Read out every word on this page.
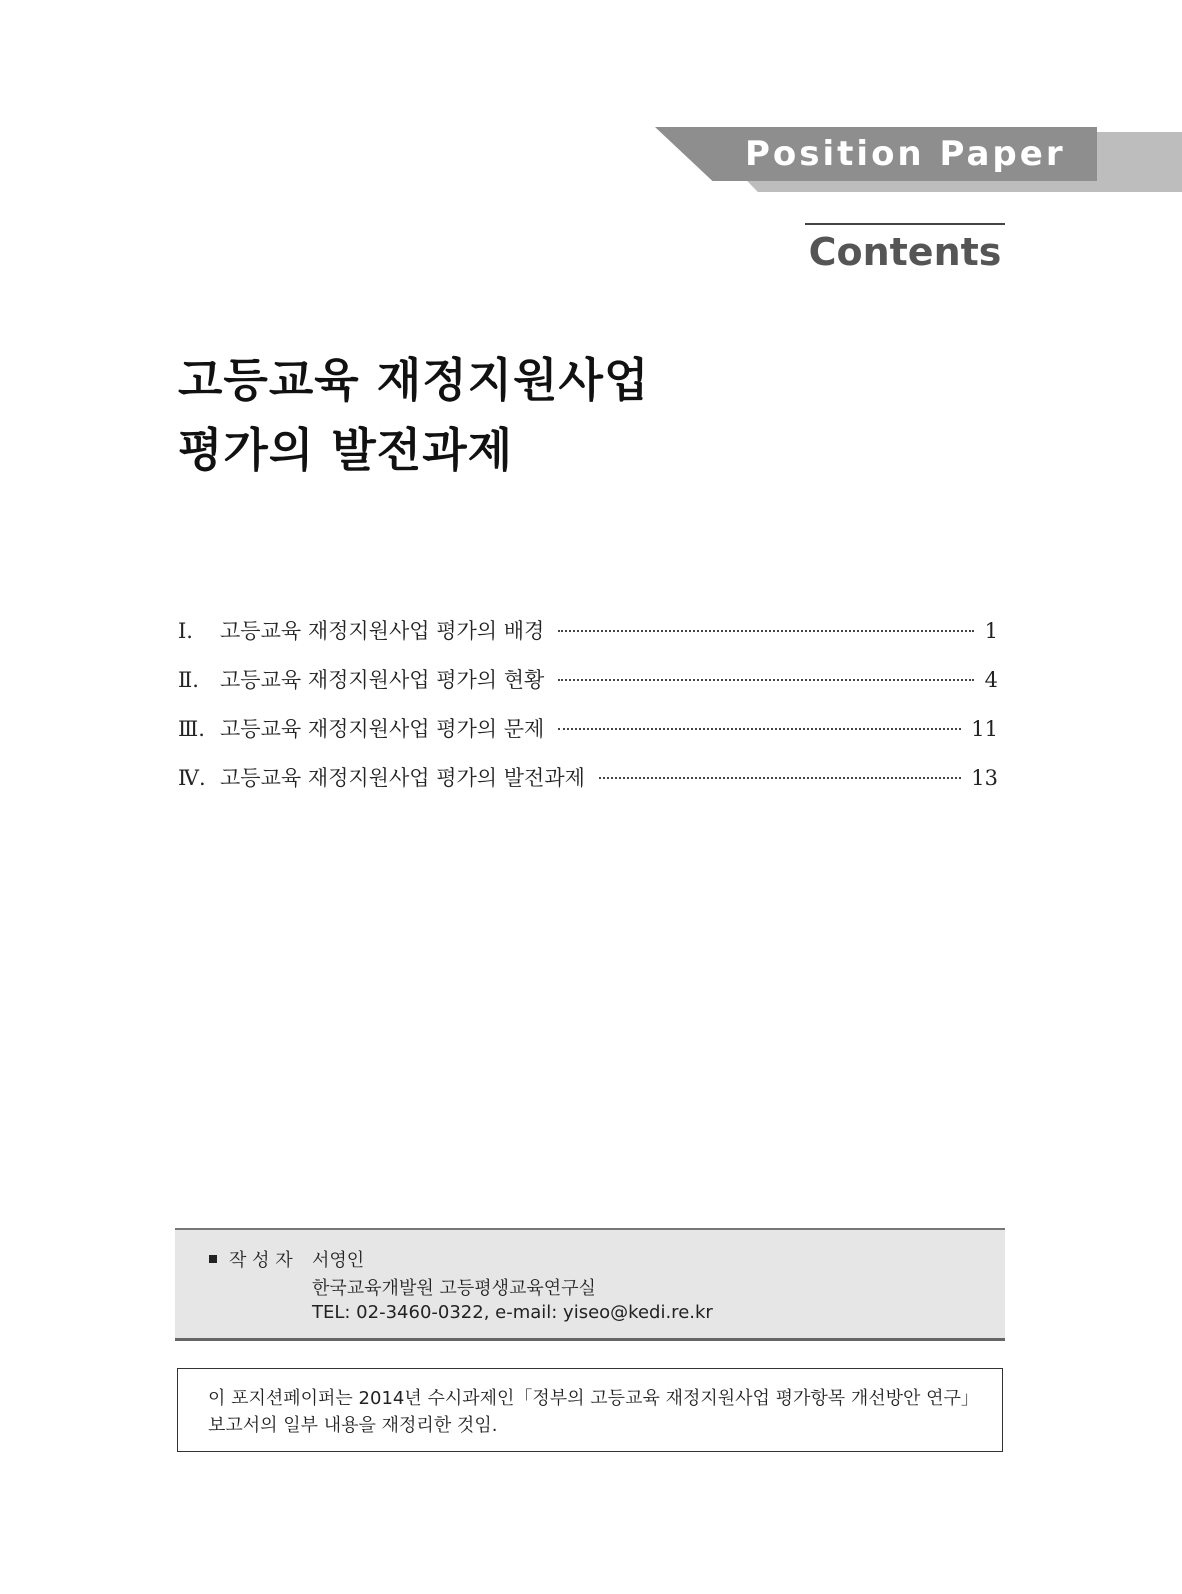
Position Paper
Contents
고등교육 재정지원사업
평가의 발전과제
Ⅰ.	고등교육 재정지원사업 평가의 배경	1
Ⅱ.	고등교육 재정지원사업 평가의 현황	4
Ⅲ. 고등교육 재정지원사업 평가의 문제	11
Ⅳ. 고등교육 재정지원사업 평가의 발전과제	13
작 성 자 서영인
한국교육개발원 고등평생교육연구실
TEL: 02-3460-0322, e-mail: yiseo@kedi.re.kr
이 포지션페이퍼는 2014년 수시과제인「정부의 고등교육 재정지원사업 평가항목 개선방안 연구」
보고서의 일부 내용을 재정리한 것임.
